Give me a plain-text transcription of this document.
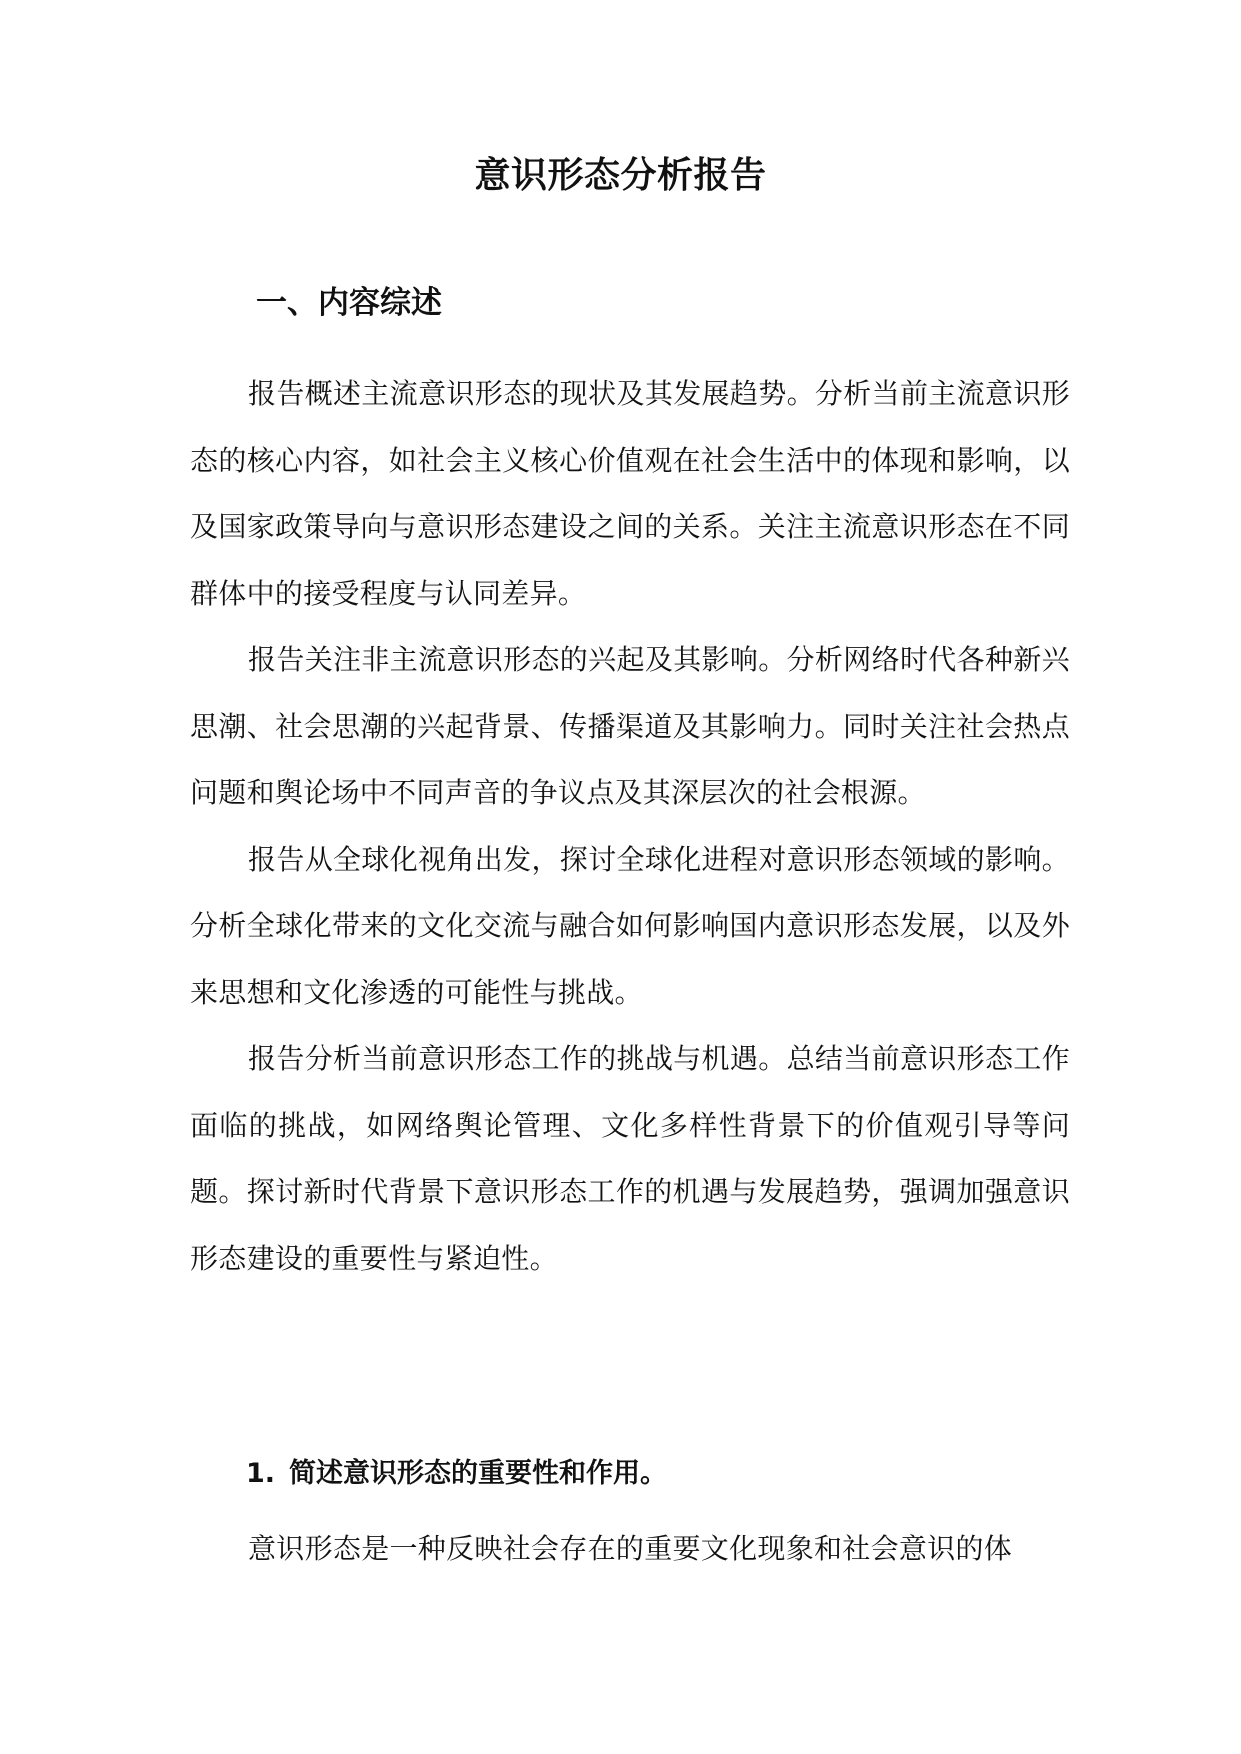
意识形态分析报告
一、内容综述

报告概述主流意识形态的现状及其发展趋势。分析当前主流意识形态的核心内容，如社会主义核心价值观在社会生活中的体现和影响，以及国家政策导向与意识形态建设之间的关系。关注主流意识形态在不同群体中的接受程度与认同差异。

报告关注非主流意识形态的兴起及其影响。分析网络时代各种新兴思潮、社会思潮的兴起背景、传播渠道及其影响力。同时关注社会热点问题和舆论场中不同声音的争议点及其深层次的社会根源。

报告从全球化视角出发，探讨全球化进程对意识形态领域的影响。分析全球化带来的文化交流与融合如何影响国内意识形态发展，以及外来思想和文化渗透的可能性与挑战。

报告分析当前意识形态工作的挑战与机遇。总结当前意识形态工作面临的挑战，如网络舆论管理、文化多样性背景下的价值观引导等问题。探讨新时代背景下意识形态工作的机遇与发展趋势，强调加强意识形态建设的重要性与紧迫性。

1. 简述意识形态的重要性和作用。

意识形态是一种反映社会存在的重要文化现象和社会意识的体
